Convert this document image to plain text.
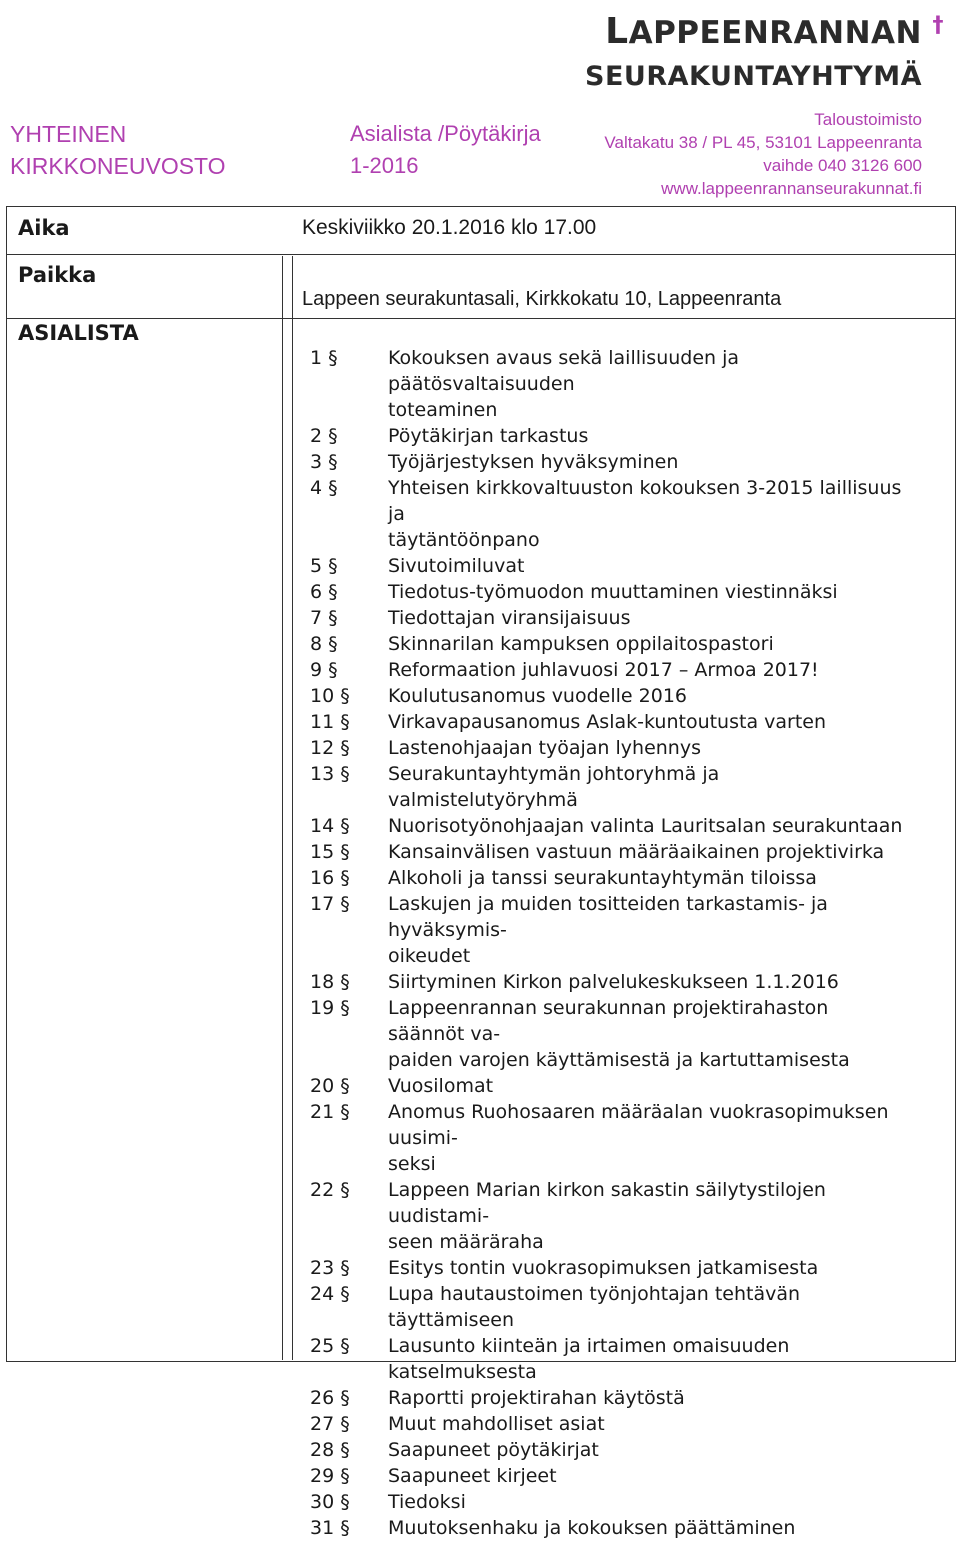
YHTEINEN
KIRKKONEUVOSTO
Asialista /Pöytäkirja
1-2016
LAPPEENRANNAN †
SEURAKUNTAYHTYMÄ
Taloustoimisto
Valtakatu 38 / PL 45, 53101 Lappeenranta
vaihde 040 3126 600
www.lappeenrannanseurakunnat.fi
Aika	Keskiviikko 20.1.2016 klo 17.00
Paikka
Lappeen seurakuntasali, Kirkkokatu 10, Lappeenranta
ASIALISTA
1 §	Kokouksen avaus sekä laillisuuden ja päätösvaltaisuuden
toteaminen
2 §	Pöytäkirjan tarkastus
3 §	Työjärjestyksen hyväksyminen
4 §	Yhteisen kirkkovaltuuston kokouksen 3-2015 laillisuus ja
täytäntöönpano
5 §	Sivutoimiluvat
6 §	Tiedotus-työmuodon muuttaminen viestinnäksi
7 §	Tiedottajan viransijaisuus
8 §	Skinnarilan kampuksen oppilaitospastori
9 §	Reformaation juhlavuosi 2017 – Armoa 2017!
10 §	Koulutusanomus vuodelle 2016
11 §	Virkavapausanomus Aslak-kuntoutusta varten
12 §	Lastenohjaajan työajan lyhennys
13 §	Seurakuntayhtymän johtoryhmä ja valmistelutyöryhmä
14 §	Nuorisotyönohjaajan valinta Lauritsalan seurakuntaan
15 §	Kansainvälisen vastuun määräaikainen projektivirka
16 §	Alkoholi ja tanssi seurakuntayhtymän tiloissa
17 §	Laskujen ja muiden tositteiden tarkastamis- ja hyväksymis-
oikeudet
18 §	Siirtyminen Kirkon palvelukeskukseen 1.1.2016
19 §	Lappeenrannan seurakunnan projektirahaston säännöt va-
paiden varojen käyttämisestä ja kartuttamisesta
20 §	Vuosilomat
21 §	Anomus Ruohosaaren määräalan vuokrasopimuksen uusimi-
seksi
22 §	Lappeen Marian kirkon sakastin säilytystilojen uudistami-
seen määräraha
23 §	Esitys tontin vuokrasopimuksen jatkamisesta
24 §	Lupa hautaustoimen työnjohtajan tehtävän täyttämiseen
25 §	Lausunto kiinteän ja irtaimen omaisuuden katselmuksesta
26 §	Raportti projektirahan käytöstä
27 §	Muut mahdolliset asiat
28 §	Saapuneet pöytäkirjat
29 §	Saapuneet kirjeet
30 §	Tiedoksi
31 §	Muutoksenhaku ja kokouksen päättäminen
